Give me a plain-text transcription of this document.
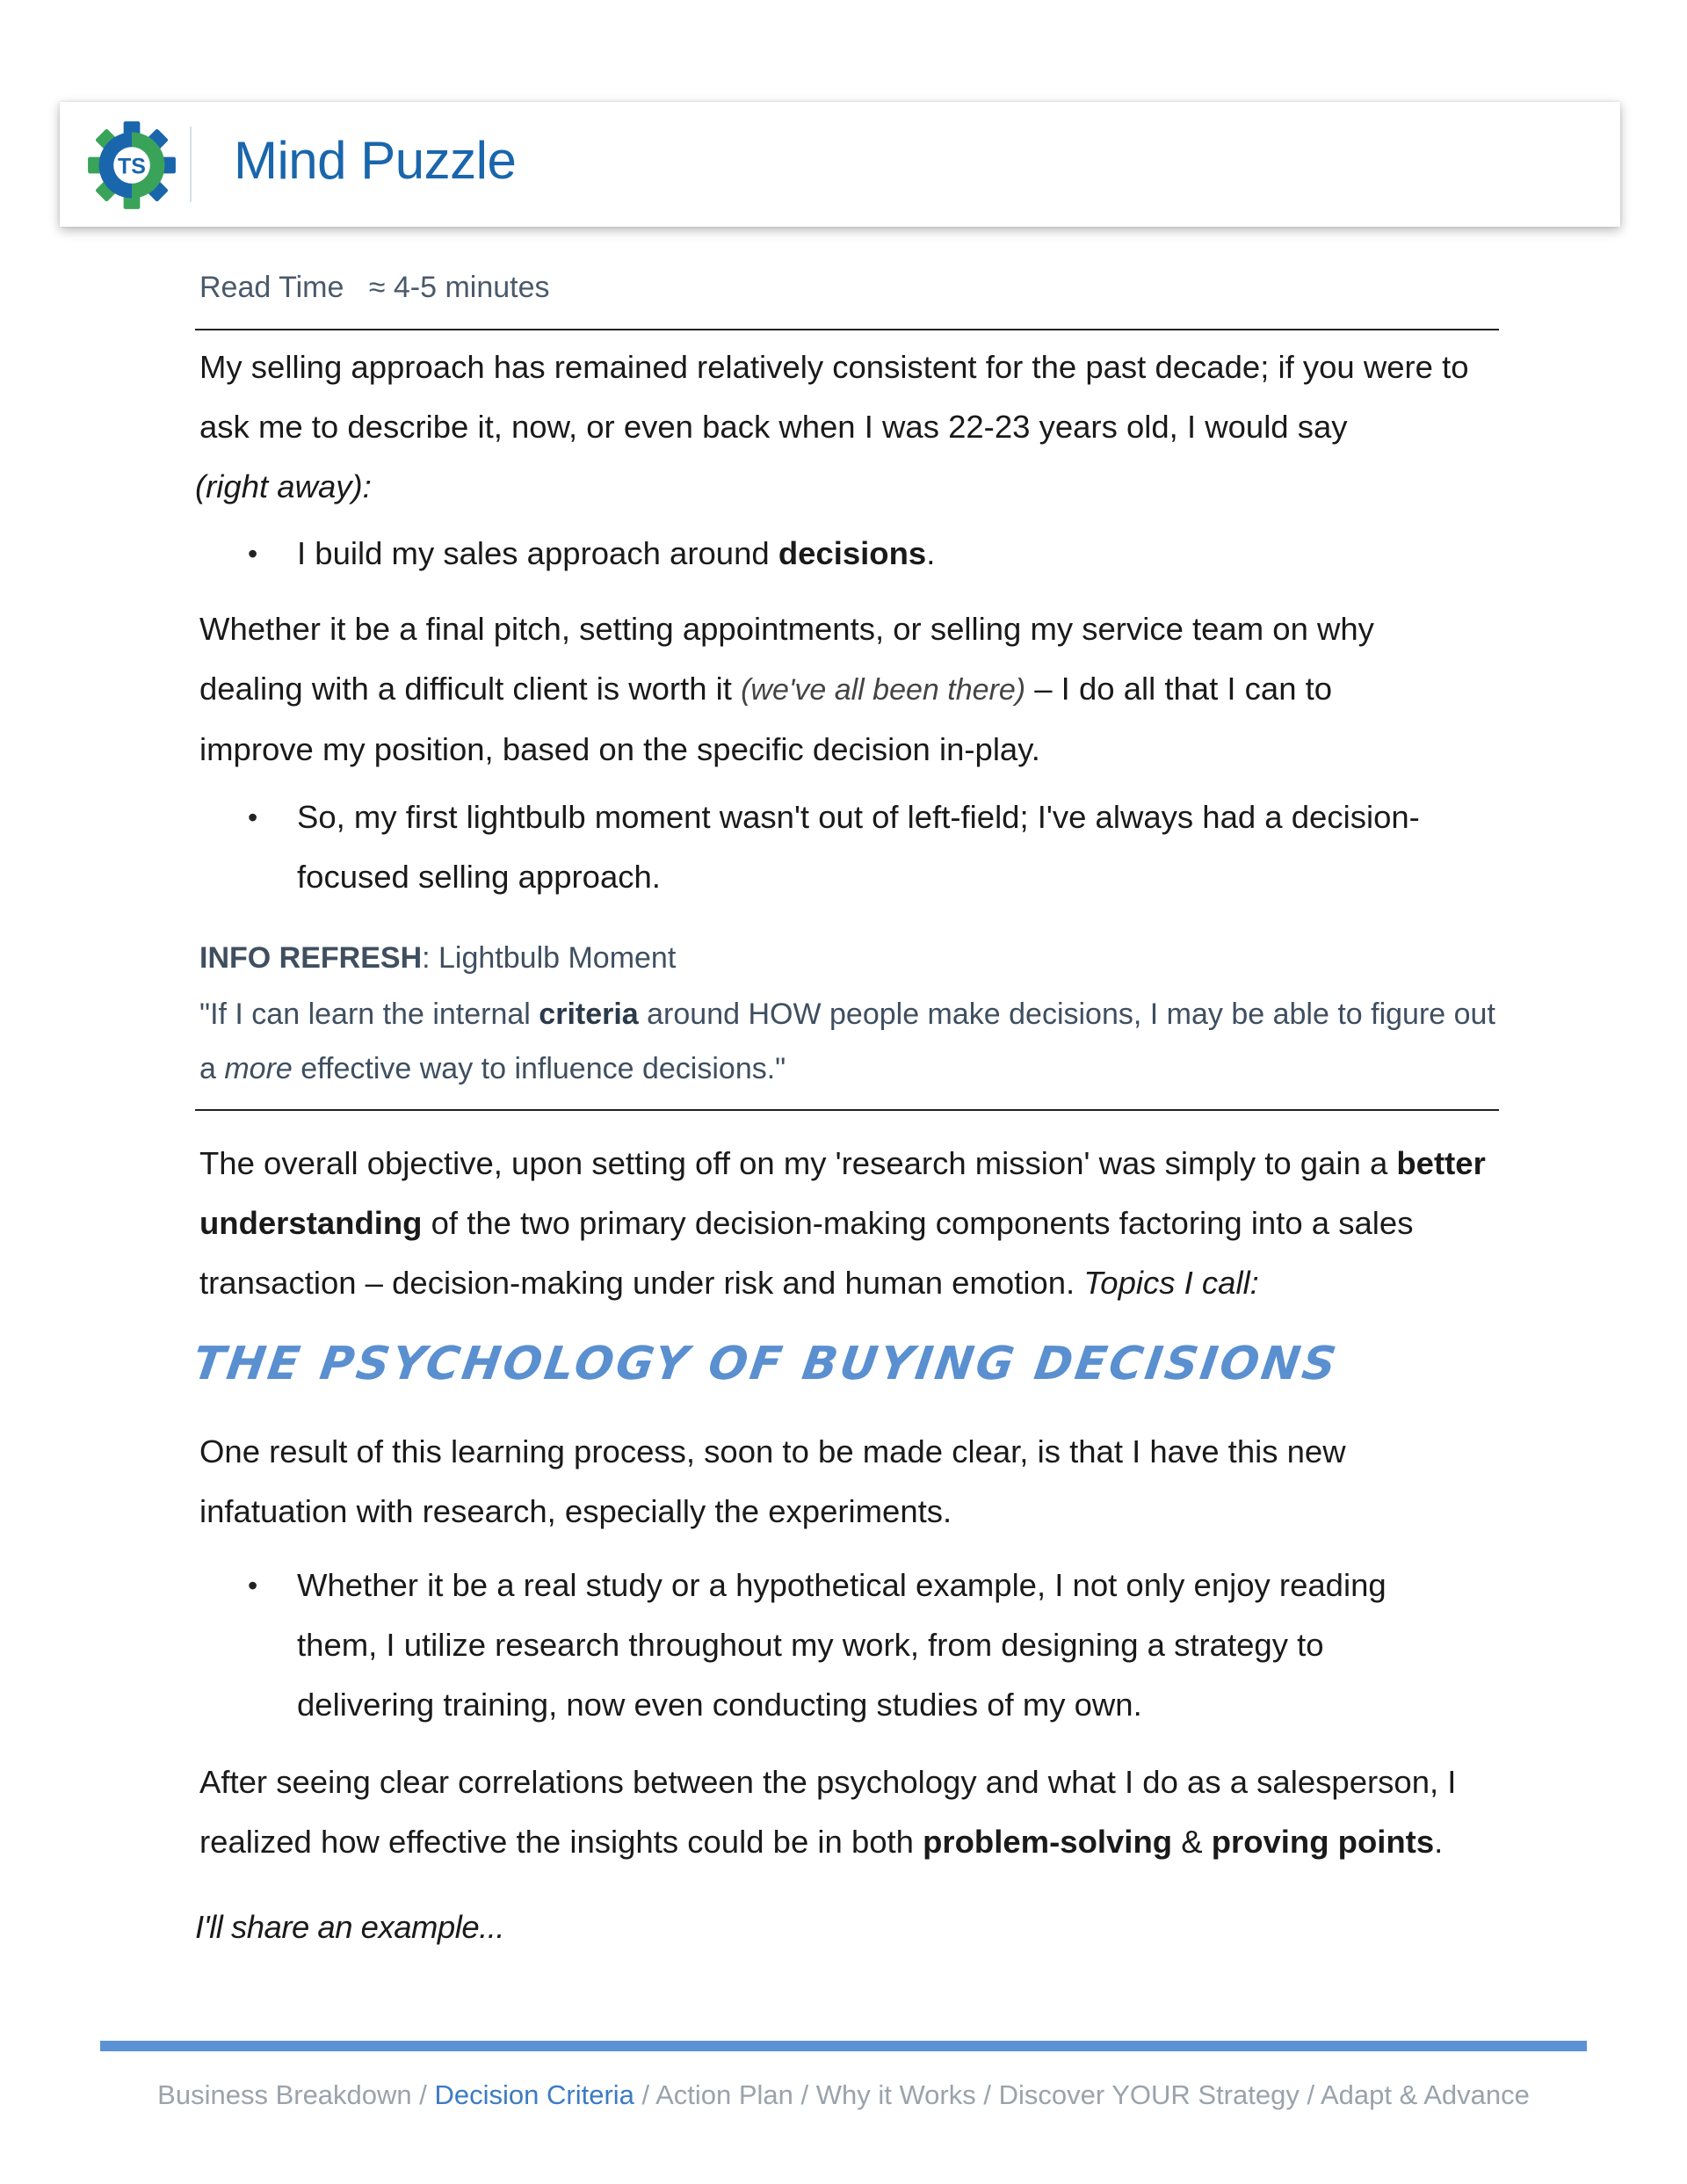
TS Mind Puzzle
Read Time ≈ 4-5 minutes

My selling approach has remained relatively consistent for the past decade; if you were to ask me to describe it, now, or even back when I was 22-23 years old, I would say
(right away):

• I build my sales approach around decisions.

Whether it be a final pitch, setting appointments, or selling my service team on why dealing with a difficult client is worth it (we've all been there) – I do all that I can to improve my position, based on the specific decision in-play.

• So, my first lightbulb moment wasn't out of left-field; I've always had a decision-focused selling approach.

INFO REFRESH: Lightbulb Moment

"If I can learn the internal criteria around HOW people make decisions, I may be able to figure out a more effective way to influence decisions."

The overall objective, upon setting off on my 'research mission' was simply to gain a better understanding of the two primary decision-making components factoring into a sales transaction – decision-making under risk and human emotion. Topics I call:

THE PSYCHOLOGY OF BUYING DECISIONS

One result of this learning process, soon to be made clear, is that I have this new infatuation with research, especially the experiments.

• Whether it be a real study or a hypothetical example, I not only enjoy reading them, I utilize research throughout my work, from designing a strategy to delivering training, now even conducting studies of my own.

After seeing clear correlations between the psychology and what I do as a salesperson, I realized how effective the insights could be in both problem-solving & proving points.

I'll share an example...

Business Breakdown / Decision Criteria / Action Plan / Why it Works / Discover YOUR Strategy / Adapt & Advance
